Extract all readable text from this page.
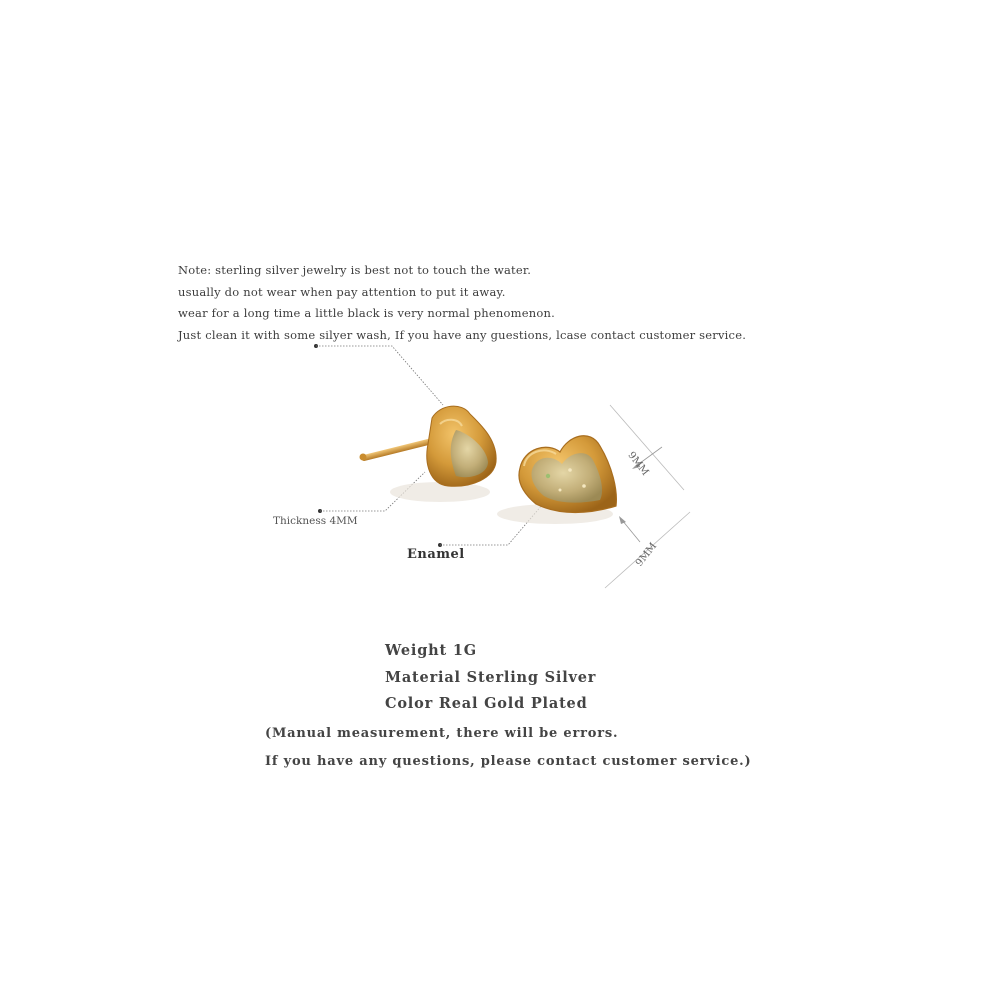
Note: sterling silver jewelry is best not to touch the water.
usually do not wear when pay attention to put it away.
wear for a long time a little black is very normal phenomenon.
Just clean it with some silyer wash, If you have any guestions, lcase contact customer service.
9MM
9MM
Thickness 4MM
Enamel
Weight 1G
Material Sterling Silver
Color Real Gold Plated
(Manual measurement, there will be errors.
If you have any questions, please contact customer service.)
